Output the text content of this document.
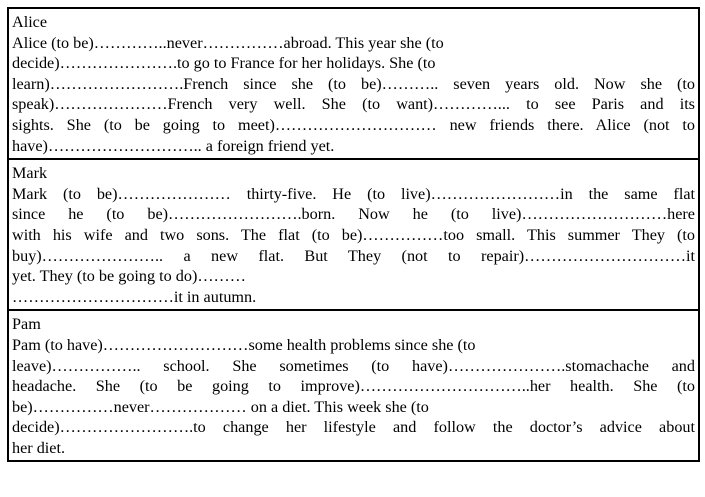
Alice
Alice (to be)…………..never……………abroad. This year she (to
decide)………………….to go to France for her holidays. She (to
learn)…………………….French since she (to be)……….. seven years old. Now she (to
speak)…………………French very well. She (to want)…………... to see Paris and its
sights. She (to be going to meet)………………………… new friends there. Alice (not to
have)……………………….. a foreign friend yet.

Mark
Mark (to be)………………… thirty-five. He (to live)……………………in the same flat
since he (to be)…………………….born. Now he (to live)………………………here
with his wife and two sons. The flat (to be)……………too small. This summer They (to
buy)………………….. a new flat. But They (not to repair)…………………………it
yet. They (to be going to do)………
…………………………it in autumn.

Pam
Pam (to have)………………………some health problems since she (to
leave)…………….. school. She sometimes (to have)………………….stomachache and
headache. She (to be going to improve)…………………………..her health. She (to
be)……………never……………… on a diet. This week she (to
decide)…………………….to change her lifestyle and follow the doctor’s advice about
her diet.
